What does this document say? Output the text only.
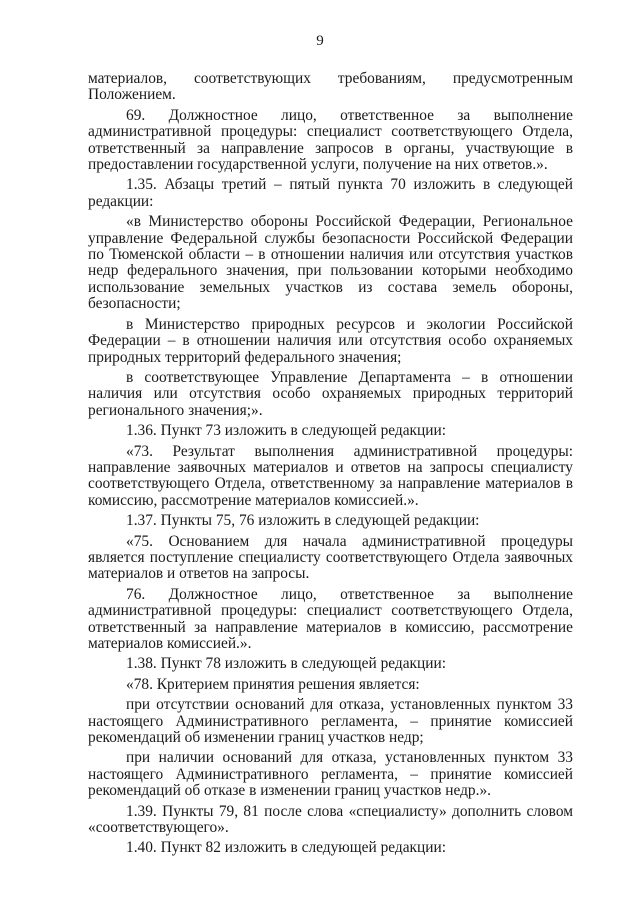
9

материалов, соответствующих требованиям, предусмотренным Положением.

69. Должностное лицо, ответственное за выполнение административной процедуры: специалист соответствующего Отдела, ответственный за направление запросов в органы, участвующие в предоставлении государственной услуги, получение на них ответов.».

1.35. Абзацы третий – пятый пункта 70 изложить в следующей редакции:

«в Министерство обороны Российской Федерации, Региональное управление Федеральной службы безопасности Российской Федерации по Тюменской области – в отношении наличия или отсутствия участков недр федерального значения, при пользовании которыми необходимо использование земельных участков из состава земель обороны, безопасности;

в Министерство природных ресурсов и экологии Российской Федерации – в отношении наличия или отсутствия особо охраняемых природных территорий федерального значения;

в соответствующее Управление Департамента – в отношении наличия или отсутствия особо охраняемых природных территорий регионального значения;».

1.36. Пункт 73 изложить в следующей редакции:

«73. Результат выполнения административной процедуры: направление заявочных материалов и ответов на запросы специалисту соответствующего Отдела, ответственному за направление материалов в комиссию, рассмотрение материалов комиссией.».

1.37. Пункты 75, 76 изложить в следующей редакции:

«75. Основанием для начала административной процедуры является поступление специалисту соответствующего Отдела заявочных материалов и ответов на запросы.

76. Должностное лицо, ответственное за выполнение административной процедуры: специалист соответствующего Отдела, ответственный за направление материалов в комиссию, рассмотрение материалов комиссией.».

1.38. Пункт 78 изложить в следующей редакции:

«78. Критерием принятия решения является:

при отсутствии оснований для отказа, установленных пунктом 33 настоящего Административного регламента, – принятие комиссией рекомендаций об изменении границ участков недр;

при наличии оснований для отказа, установленных пунктом 33 настоящего Административного регламента, – принятие комиссией рекомендаций об отказе в изменении границ участков недр.».

1.39. Пункты 79, 81 после слова «специалисту» дополнить словом «соответствующего».

1.40. Пункт 82 изложить в следующей редакции:
